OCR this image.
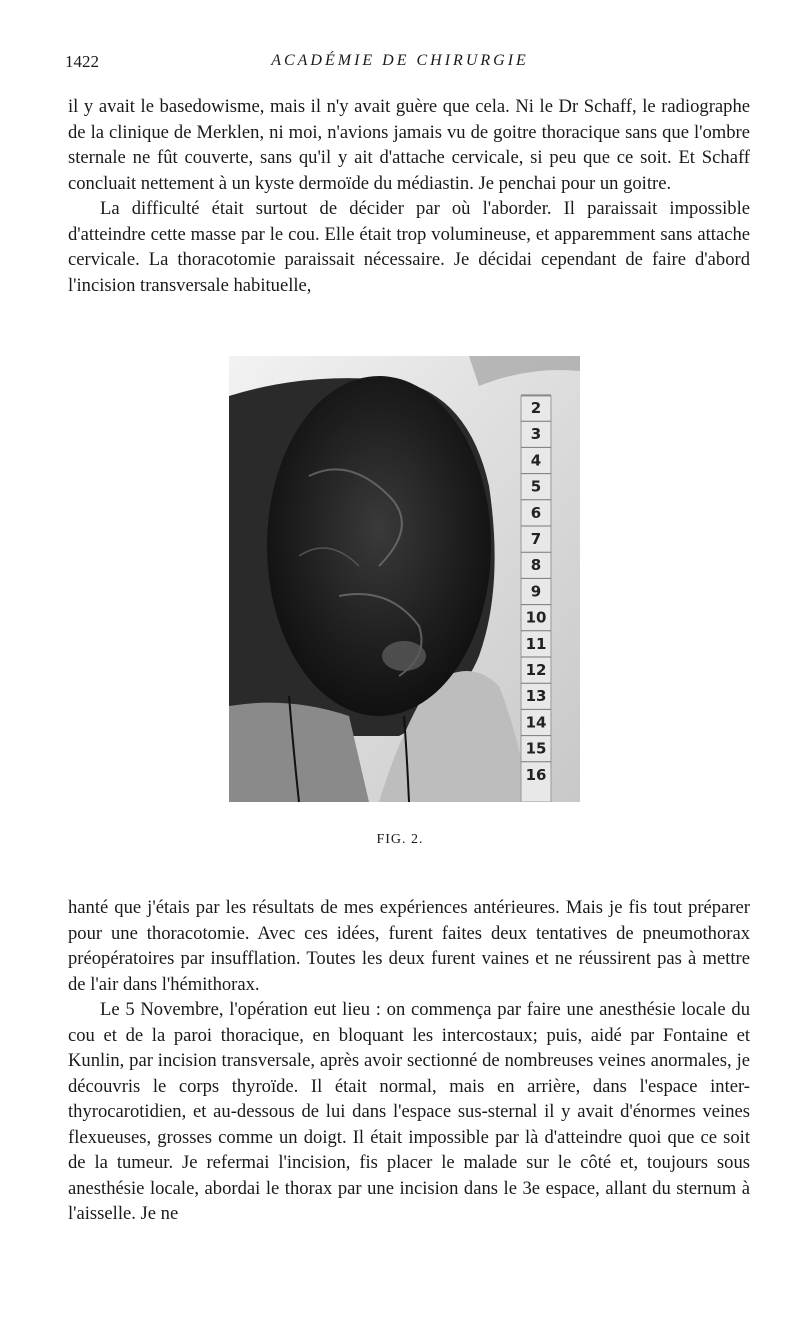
1422	ACADÉMIE DE CHIRURGIE

il y avait le basedowisme, mais il n'y avait guère que cela. Ni le Dr Schaff, le radiographe de la clinique de Merklen, ni moi, n'avions jamais vu de goitre thoracique sans que l'ombre sternale ne fût couverte, sans qu'il y ait d'attache cervicale, si peu que ce soit. Et Schaff concluait nettement à un kyste dermoïde du médiastin. Je penchai pour un goitre.

La difficulté était surtout de décider par où l'aborder. Il paraissait impossible d'atteindre cette masse par le cou. Elle était trop volumineuse, et apparemment sans attache cervicale. La thoracotomie paraissait nécessaire. Je décidai cependant de faire d'abord l'incision transversale habituelle,

2
3
4
5
6
7
8
9
10
11
12
13
14
15
16
FIG. 2.

hanté que j'étais par les résultats de mes expériences antérieures. Mais je fis tout préparer pour une thoracotomie. Avec ces idées, furent faites deux tentatives de pneumothorax préopératoires par insufflation. Toutes les deux furent vaines et ne réussirent pas à mettre de l'air dans l'hémithorax.

Le 5 Novembre, l'opération eut lieu : on commença par faire une anesthésie locale du cou et de la paroi thoracique, en bloquant les intercostaux; puis, aidé par Fontaine et Kunlin, par incision transversale, après avoir sectionné de nombreuses veines anormales, je découvris le corps thyroïde. Il était normal, mais en arrière, dans l'espace inter-thyrocarotidien, et au-dessous de lui dans l'espace sus-sternal il y avait d'énormes veines flexueuses, grosses comme un doigt. Il était impossible par là d'atteindre quoi que ce soit de la tumeur. Je refermai l'incision, fis placer le malade sur le côté et, toujours sous anesthésie locale, abordai le thorax par une incision dans le 3e espace, allant du sternum à l'aisselle. Je ne
